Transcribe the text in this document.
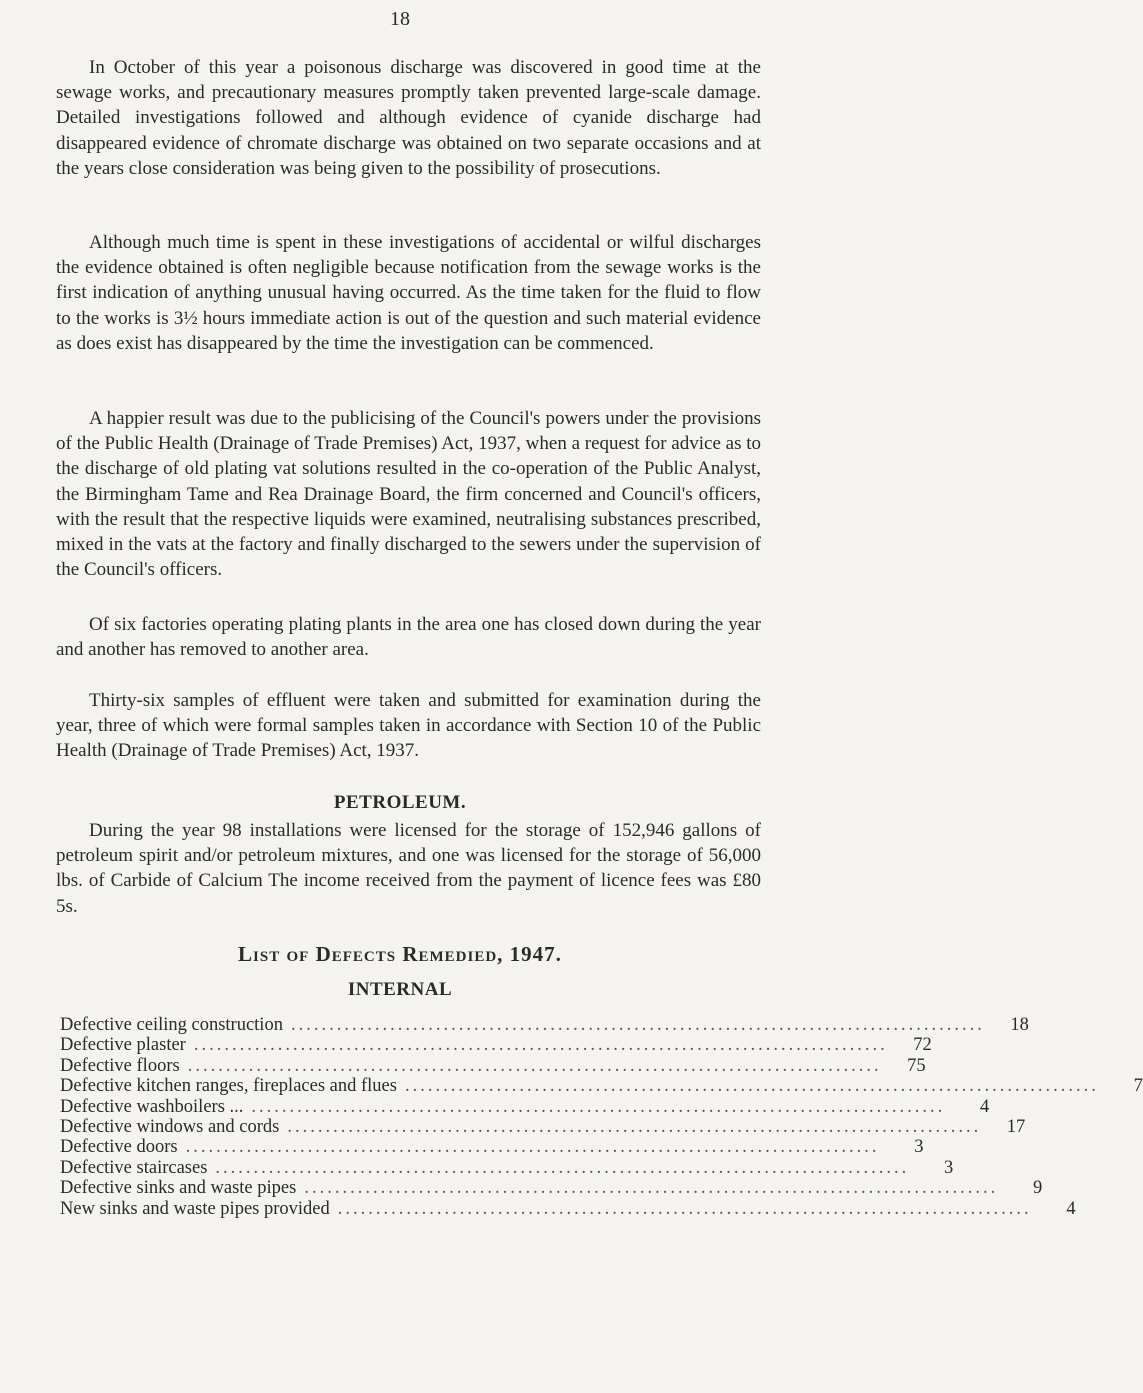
18

In October of this year a poisonous discharge was discovered in good time at the sewage works, and precautionary measures promptly taken prevented large-scale damage. Detailed investigations followed and although evidence of cyanide discharge had disappeared evidence of chromate discharge was obtained on two separate occasions and at the years close consideration was being given to the possibility of prosecutions.

Although much time is spent in these investigations of accidental or wilful discharges the evidence obtained is often negligible because notification from the sewage works is the first indication of anything unusual having occurred. As the time taken for the fluid to flow to the works is 3½ hours immediate action is out of the question and such material evidence as does exist has disappeared by the time the investigation can be commenced.

A happier result was due to the publicising of the Council's powers under the provisions of the Public Health (Drainage of Trade Premises) Act, 1937, when a request for advice as to the discharge of old plating vat solutions resulted in the co-operation of the Public Analyst, the Birmingham Tame and Rea Drainage Board, the firm concerned and Council's officers, with the result that the respective liquids were examined, neutralising substances prescribed, mixed in the vats at the factory and finally discharged to the sewers under the supervision of the Council's officers.

Of six factories operating plating plants in the area one has closed down during the year and another has removed to another area.

Thirty-six samples of effluent were taken and submitted for examination during the year, three of which were formal samples taken in accordance with Section 10 of the Public Health (Drainage of Trade Premises) Act, 1937.

PETROLEUM.

During the year 98 installations were licensed for the storage of 152,946 gallons of petroleum spirit and/or petroleum mixtures, and one was licensed for the storage of 56,000 lbs. of Carbide of Calcium The income received from the payment of licence fees was £80 5s.

List of Defects Remedied, 1947.
INTERNAL
Defective ceiling construction ...........................................................................................	18
Defective plaster ...........................................................................................	72
Defective floors ...........................................................................................	75
Defective kitchen ranges, fireplaces and flues ...........................................................................................	7
Defective washboilers ... ...........................................................................................	4
Defective windows and cords ...........................................................................................	17
Defective doors ...........................................................................................	3
Defective staircases ...........................................................................................	3
Defective sinks and waste pipes ...........................................................................................	9
New sinks and waste pipes provided ...........................................................................................	4
